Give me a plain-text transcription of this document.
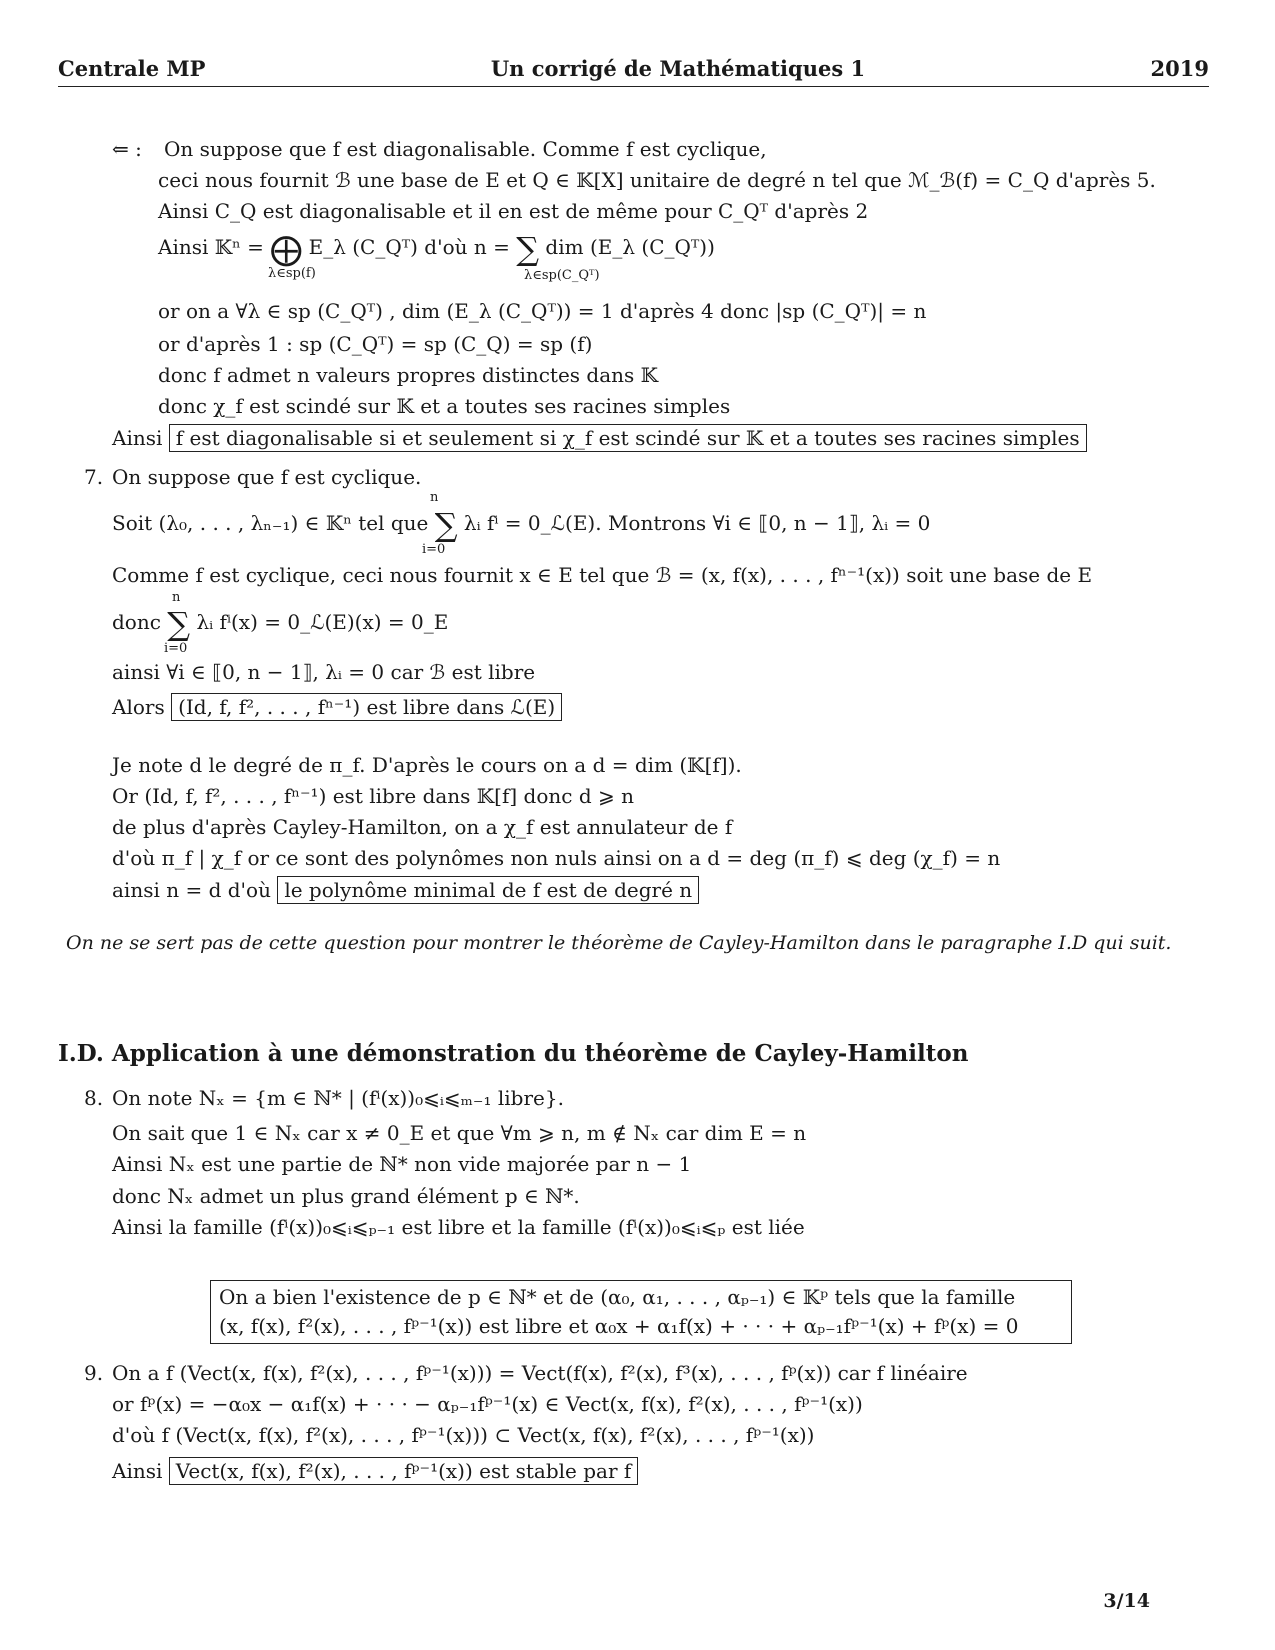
Centrale MP	Un corrigé de Mathématiques 1	2019
⇐ : On suppose que f est diagonalisable. Comme f est cyclique,
ceci nous fournit ℬ une base de E et Q ∈ 𝕂[X] unitaire de degré n tel que ℳ_ℬ(f) = C_Q d'après 5.
Ainsi C_Q est diagonalisable et il en est de même pour C_Qᵀ d'après 2
Ainsi 𝕂ⁿ = ⨁ E_λ (C_Qᵀ) d'où n = ∑ dim (E_λ (C_Qᵀ))
λ∈sp(f)	λ∈sp(C_Qᵀ)
or on a ∀λ ∈ sp (C_Qᵀ) , dim (E_λ (C_Qᵀ)) = 1 d'après 4 donc |sp (C_Qᵀ)| = n
or d'après 1 : sp (C_Qᵀ) = sp (C_Q) = sp (f)
donc f admet n valeurs propres distinctes dans 𝕂
donc χ_f est scindé sur 𝕂 et a toutes ses racines simples
Ainsi f est diagonalisable si et seulement si χ_f est scindé sur 𝕂 et a toutes ses racines simples
7. On suppose que f est cyclique.
n
Soit (λ₀, . . . , λₙ₋₁) ∈ 𝕂ⁿ tel que ∑ λᵢ fⁱ = 0_ℒ(E). Montrons ∀i ∈ ⟦0, n − 1⟧, λᵢ = 0
i=0
Comme f est cyclique, ceci nous fournit x ∈ E tel que ℬ = (x, f(x), . . . , fⁿ⁻¹(x)) soit une base de E
n
donc ∑ λᵢ fⁱ(x) = 0_ℒ(E)(x) = 0_E
i=0
ainsi ∀i ∈ ⟦0, n − 1⟧, λᵢ = 0 car ℬ est libre
Alors (Id, f, f², . . . , fⁿ⁻¹) est libre dans ℒ(E)
Je note d le degré de π_f. D'après le cours on a d = dim (𝕂[f]).
Or (Id, f, f², . . . , fⁿ⁻¹) est libre dans 𝕂[f] donc d ⩾ n
de plus d'après Cayley-Hamilton, on a χ_f est annulateur de f
d'où π_f | χ_f or ce sont des polynômes non nuls ainsi on a d = deg (π_f) ⩽ deg (χ_f) = n
ainsi n = d d'où le polynôme minimal de f est de degré n
On ne se sert pas de cette question pour montrer le théorème de Cayley-Hamilton dans le paragraphe I.D qui suit.
I.D. Application à une démonstration du théorème de Cayley-Hamilton
8. On note Nₓ = {m ∈ ℕ* | (fⁱ(x))₀⩽ᵢ⩽ₘ₋₁ libre}.
On sait que 1 ∈ Nₓ car x ≠ 0_E et que ∀m ⩾ n, m ∉ Nₓ car dim E = n
Ainsi Nₓ est une partie de ℕ* non vide majorée par n − 1
donc Nₓ admet un plus grand élément p ∈ ℕ*.
Ainsi la famille (fⁱ(x))₀⩽ᵢ⩽ₚ₋₁ est libre et la famille (fⁱ(x))₀⩽ᵢ⩽ₚ est liée
On a bien l'existence de p ∈ ℕ* et de (α₀, α₁, . . . , αₚ₋₁) ∈ 𝕂ᵖ tels que la famille
(x, f(x), f²(x), . . . , fᵖ⁻¹(x)) est libre et α₀x + α₁f(x) + · · · + αₚ₋₁fᵖ⁻¹(x) + fᵖ(x) = 0
9. On a f (Vect(x, f(x), f²(x), . . . , fᵖ⁻¹(x))) = Vect(f(x), f²(x), f³(x), . . . , fᵖ(x)) car f linéaire
or fᵖ(x) = −α₀x − α₁f(x) + · · · − αₚ₋₁fᵖ⁻¹(x) ∈ Vect(x, f(x), f²(x), . . . , fᵖ⁻¹(x))
d'où f (Vect(x, f(x), f²(x), . . . , fᵖ⁻¹(x))) ⊂ Vect(x, f(x), f²(x), . . . , fᵖ⁻¹(x))
Ainsi Vect(x, f(x), f²(x), . . . , fᵖ⁻¹(x)) est stable par f
3/14
